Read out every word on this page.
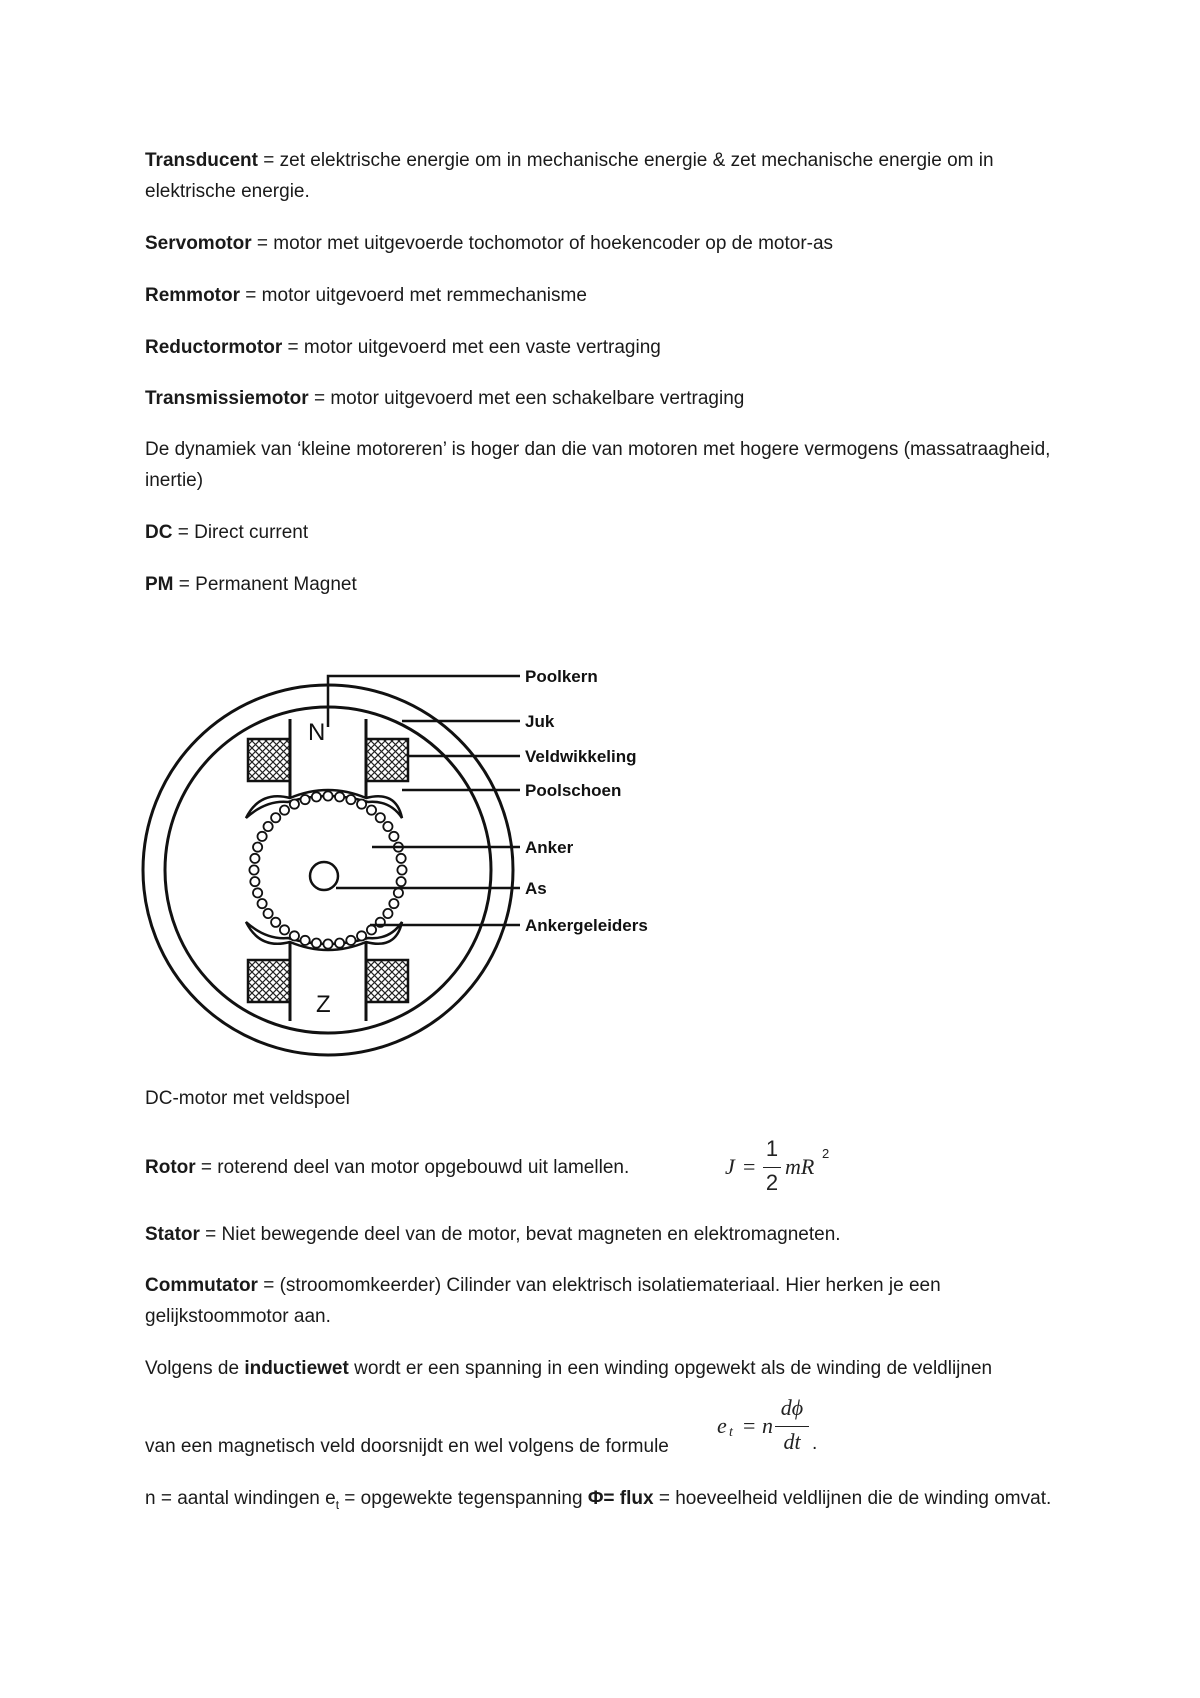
Transducent = zet elektrische energie om in mechanische energie & zet mechanische energie om in elektrische energie.

Servomotor = motor met uitgevoerde tochomotor of hoekencoder op de motor-as

Remmotor = motor uitgevoerd met remmechanisme

Reductormotor = motor uitgevoerd met een vaste vertraging

Transmissiemotor = motor uitgevoerd met een schakelbare vertraging

De dynamiek van ‘kleine motoreren’ is hoger dan die van motoren met hogere vermogens (massatraagheid, inertie)

DC = Direct current

PM = Permanent Magnet

N
Z
Poolkern
Juk
Veldwikkeling
Poolschoen
Anker
As
Ankergeleiders
DC-motor met veldspoel

Rotor = roterend deel van motor opgebouwd uit lamellen.	J =
1
2
mR
2

Stator = Niet bewegende deel van de motor, bevat magneten en elektromagneten.

Commutator = (stroomomkeerder) Cilinder van elektrisch isolatiemateriaal. Hier herken je een gelijkstoommotor aan.

Volgens de inductiewet wordt er een spanning in een winding opgewekt als de winding de veldlijnen

van een magnetisch veld doorsnijdt en wel volgens de formule

e t = n
dϕ
dt .

n = aantal windingen $e_t$ = opgewekte tegenspanning Φ= flux = hoeveelheid veldlijnen die de winding omvat.
